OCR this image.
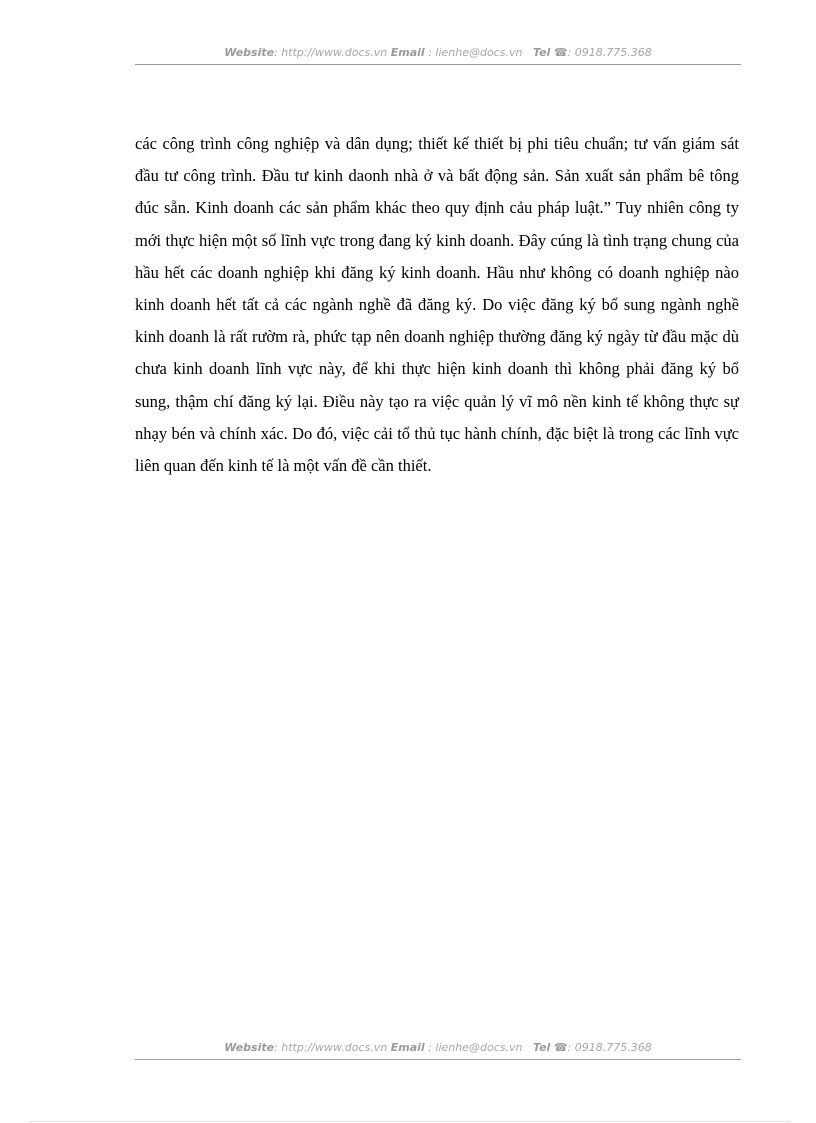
Website: http://www.docs.vn Email : lienhe@docs.vn Tel ☎: 0918.775.368

các công trình công nghiệp và dân dụng; thiết kế thiết bị phi tiêu chuẩn; tư vấn giám sát đầu tư công trình. Đầu tư kinh daonh nhà ở và bất động sản. Sản xuất sản phẩm bê tông đúc sẵn. Kinh doanh các sản phẩm khác theo quy định cảu pháp luật.” Tuy nhiên công ty mới thực hiện một số lĩnh vực trong đang ký kinh doanh. Đây cúng là tình trạng chung của hầu hết các doanh nghiệp khi đăng ký kinh doanh. Hầu như không có doanh nghiệp nào kinh doanh hết tất cả các ngành nghề đã đăng ký. Do việc đăng ký bổ sung ngành nghề kinh doanh là rất rườm rà, phức tạp nên doanh nghiệp thường đăng ký ngày từ đầu mặc dù chưa kinh doanh lĩnh vực này, để khi thực hiện kinh doanh thì không phải đăng ký bổ sung, thậm chí đăng ký lại. Điều này tạo ra việc quản lý vĩ mô nền kinh tế không thực sự nhạy bén và chính xác. Do đó, việc cải tổ thủ tục hành chính, đặc biệt là trong các lĩnh vực liên quan đến kinh tế là một vấn đề cần thiết.

Website: http://www.docs.vn Email : lienhe@docs.vn Tel ☎: 0918.775.368
